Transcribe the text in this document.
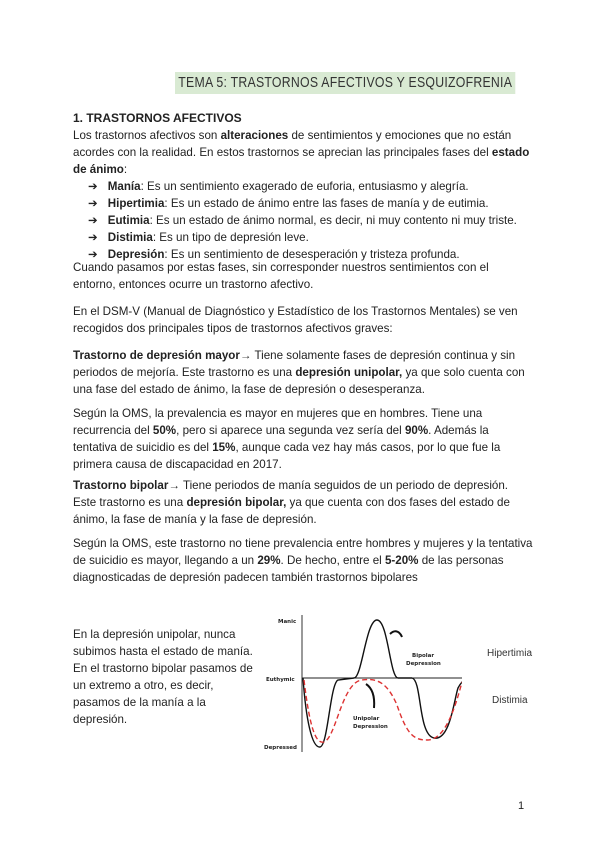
TEMA 5: TRASTORNOS AFECTIVOS Y ESQUIZOFRENIA
1. TRASTORNOS AFECTIVOS

Los trastornos afectivos son alteraciones de sentimientos y emociones que no están acordes con la realidad. En estos trastornos se aprecian las principales fases del estado de ánimo:

➔ Manía: Es un sentimiento exagerado de euforia, entusiasmo y alegría.
➔ Hipertimia: Es un estado de ánimo entre las fases de manía y de eutimia.
➔ Eutimia: Es un estado de ánimo normal, es decir, ni muy contento ni muy triste.
➔ Distimia: Es un tipo de depresión leve.
➔ Depresión: Es un sentimiento de desesperación y tristeza profunda.

Cuando pasamos por estas fases, sin corresponder nuestros sentimientos con el entorno, entonces ocurre un trastorno afectivo.

En el DSM-V (Manual de Diagnóstico y Estadístico de los Trastornos Mentales) se ven recogidos dos principales tipos de trastornos afectivos graves:

Trastorno de depresión mayor→ Tiene solamente fases de depresión continua y sin periodos de mejoría. Este trastorno es una depresión unipolar, ya que solo cuenta con una fase del estado de ánimo, la fase de depresión o desesperanza.

Según la OMS, la prevalencia es mayor en mujeres que en hombres. Tiene una recurrencia del 50%, pero si aparece una segunda vez sería del 90%. Además la tentativa de suicidio es del 15%, aunque cada vez hay más casos, por lo que fue la primera causa de discapacidad en 2017.

Trastorno bipolar→ Tiene periodos de manía seguidos de un periodo de depresión. Este trastorno es una depresión bipolar, ya que cuenta con dos fases del estado de ánimo, la fase de manía y la fase de depresión.

Según la OMS, este trastorno no tiene prevalencia entre hombres y mujeres y la tentativa de suicidio es mayor, llegando a un 29%. De hecho, entre el 5-20% de las personas diagnosticadas de depresión padecen también trastornos bipolares

En la depresión unipolar, nunca subimos hasta el estado de manía. En el trastorno bipolar pasamos de un extremo a otro, es decir, pasamos de la manía a la depresión.

Manic
Euthymic
Depressed
Bipolar
Depression
Unipolar
Depression
Hipertimia
Distimia
1
